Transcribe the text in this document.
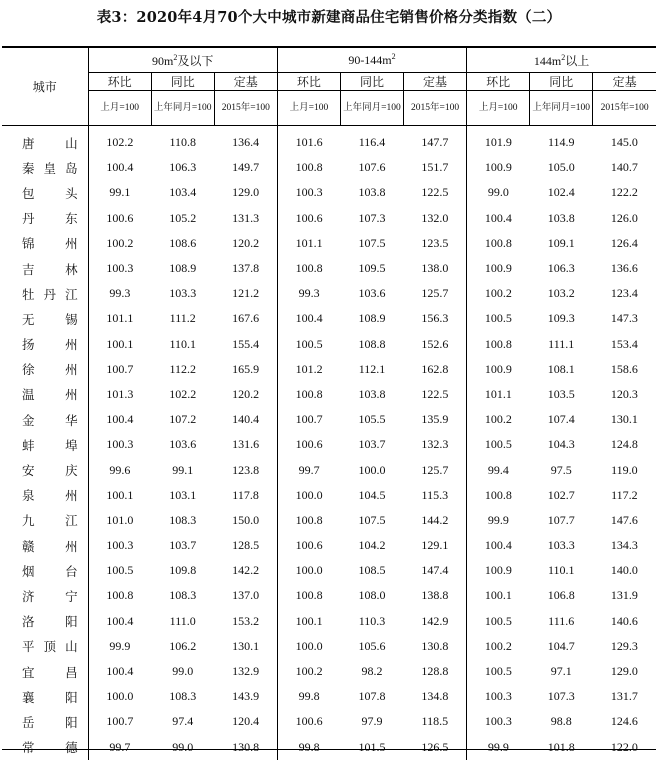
表3：2020年4月70个大中城市新建商品住宅销售价格分类指数（二）
城市	$90m^2$及以下			$90-144m^2$			$144m^2$以上		
	环比	同比	定基	环比	同比	定基	环比	同比	定基
	上月=100	上年同月=100	2015年=100	上月=100	上年同月=100	2015年=100	上月=100	上年同月=100	2015年=100
唐山	102.2	110.8	136.4	101.6	116.4	147.7	101.9	114.9	145.0
秦皇岛	100.4	106.3	149.7	100.8	107.6	151.7	100.9	105.0	140.7
包头	99.1	103.4	129.0	100.3	103.8	122.5	99.0	102.4	122.2
丹东	100.6	105.2	131.3	100.6	107.3	132.0	100.4	103.8	126.0
锦州	100.2	108.6	120.2	101.1	107.5	123.5	100.8	109.1	126.4
吉林	100.3	108.9	137.8	100.8	109.5	138.0	100.9	106.3	136.6
牡丹江	99.3	103.3	121.2	99.3	103.6	125.7	100.2	103.2	123.4
无锡	101.1	111.2	167.6	100.4	108.9	156.3	100.5	109.3	147.3
扬州	100.1	110.1	155.4	100.5	108.8	152.6	100.8	111.1	153.4
徐州	100.7	112.2	165.9	101.2	112.1	162.8	100.9	108.1	158.6
温州	101.3	102.2	120.2	100.8	103.8	122.5	101.1	103.5	120.3
金华	100.4	107.2	140.4	100.7	105.5	135.9	100.2	107.4	130.1
蚌埠	100.3	103.6	131.6	100.6	103.7	132.3	100.5	104.3	124.8
安庆	99.6	99.1	123.8	99.7	100.0	125.7	99.4	97.5	119.0
泉州	100.1	103.1	117.8	100.0	104.5	115.3	100.8	102.7	117.2
九江	101.0	108.3	150.0	100.8	107.5	144.2	99.9	107.7	147.6
赣州	100.3	103.7	128.5	100.6	104.2	129.1	100.4	103.3	134.3
烟台	100.5	109.8	142.2	100.0	108.5	147.4	100.9	110.1	140.0
济宁	100.8	108.3	137.0	100.8	108.0	138.8	100.1	106.8	131.9
洛阳	100.4	111.0	153.2	100.1	110.3	142.9	100.5	111.6	140.6
平顶山	99.9	106.2	130.1	100.0	105.6	130.8	100.2	104.7	129.3
宜昌	100.4	99.0	132.9	100.2	98.2	128.8	100.5	97.1	129.0
襄阳	100.0	108.3	143.9	99.8	107.8	134.8	100.3	107.3	131.7
岳阳	100.7	97.4	120.4	100.6	97.9	118.5	100.3	98.8	124.6
常德	99.7	99.0	130.8	99.8	101.5	126.5	99.9	101.8	122.0
